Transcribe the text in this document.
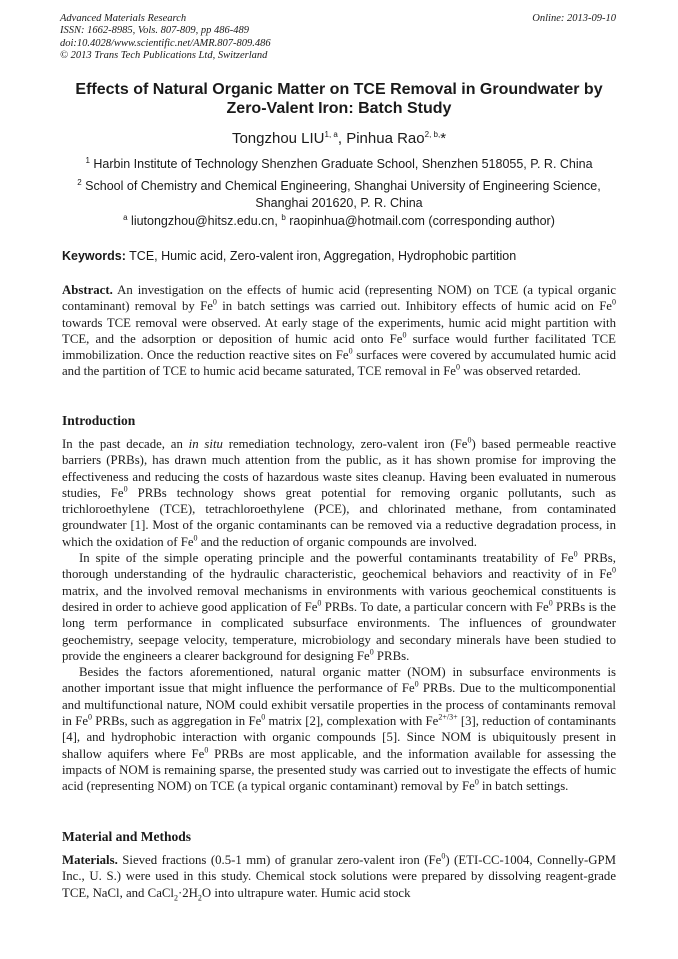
Advanced Materials Research
ISSN: 1662-8985, Vols. 807-809, pp 486-489
doi:10.4028/www.scientific.net/AMR.807-809.486
© 2013 Trans Tech Publications Ltd, Switzerland
Online: 2013-09-10
Effects of Natural Organic Matter on TCE Removal in Groundwater by
Zero-Valent Iron: Batch Study
Tongzhou LIU$^{1, a}$, Pinhua Rao$^{2, b,}$*
$^1$ Harbin Institute of Technology Shenzhen Graduate School, Shenzhen 518055, P. R. China
$^2$ School of Chemistry and Chemical Engineering, Shanghai University of Engineering Science,
Shanghai 201620, P. R. China
$^a$ liutongzhou@hitsz.edu.cn, $^b$ raopinhua@hotmail.com (corresponding author)
Keywords: TCE, Humic acid, Zero-valent iron, Aggregation, Hydrophobic partition

Abstract. An investigation on the effects of humic acid (representing NOM) on TCE (a typical organic contaminant) removal by Fe$^0$ in batch settings was carried out. Inhibitory effects of humic acid on Fe$^0$ towards TCE removal were observed. At early stage of the experiments, humic acid might partition with TCE, and the adsorption or deposition of humic acid onto Fe$^0$ surface would further facilitated TCE immobilization. Once the reduction reactive sites on Fe$^0$ surfaces were covered by accumulated humic acid and the partition of TCE to humic acid became saturated, TCE removal in Fe$^0$ was observed retarded.

Introduction

In the past decade, an in situ remediation technology, zero-valent iron (Fe$^0$) based permeable reactive barriers (PRBs), has drawn much attention from the public, as it has shown promise for improving the effectiveness and reducing the costs of hazardous waste sites cleanup. Having been evaluated in numerous studies, Fe$^0$ PRBs technology shows great potential for removing organic pollutants, such as trichloroethylene (TCE), tetrachloroethylene (PCE), and chlorinated methane, from contaminated groundwater [1]. Most of the organic contaminants can be removed via a reductive degradation process, in which the oxidation of Fe$^0$ and the reduction of organic compounds are involved.

In spite of the simple operating principle and the powerful contaminants treatability of Fe$^0$ PRBs, thorough understanding of the hydraulic characteristic, geochemical behaviors and reactivity of in Fe$^0$ matrix, and the involved removal mechanisms in environments with various geochemical constituents is desired in order to achieve good application of Fe$^0$ PRBs. To date, a particular concern with Fe$^0$ PRBs is the long term performance in complicated subsurface environments. The influences of groundwater geochemistry, seepage velocity, temperature, microbiology and secondary minerals have been studied to provide the engineers a clearer background for designing Fe$^0$ PRBs.

Besides the factors aforementioned, natural organic matter (NOM) in subsurface environments is another important issue that might influence the performance of Fe$^0$ PRBs. Due to the multicomponential and multifunctional nature, NOM could exhibit versatile properties in the process of contaminants removal in Fe$^0$ PRBs, such as aggregation in Fe$^0$ matrix [2], complexation with $Fe^{2+/3+}$ [3], reduction of contaminants [4], and hydrophobic interaction with organic compounds [5]. Since NOM is ubiquitously present in shallow aquifers where Fe$^0$ PRBs are most applicable, and the information available for assessing the impacts of NOM is remaining sparse, the presented study was carried out to investigate the effects of humic acid (representing NOM) on TCE (a typical organic contaminant) removal by Fe$^0$ in batch settings.

Material and Methods

Materials. Sieved fractions (0.5-1 mm) of granular zero-valent iron (Fe$^0$) (ETI-CC-1004, Connelly-GPM Inc., U. S.) were used in this study. Chemical stock solutions were prepared by dissolving reagent-grade TCE, NaCl, and $CaCl_2\cdot 2H_2O$ into ultrapure water. Humic acid stock
